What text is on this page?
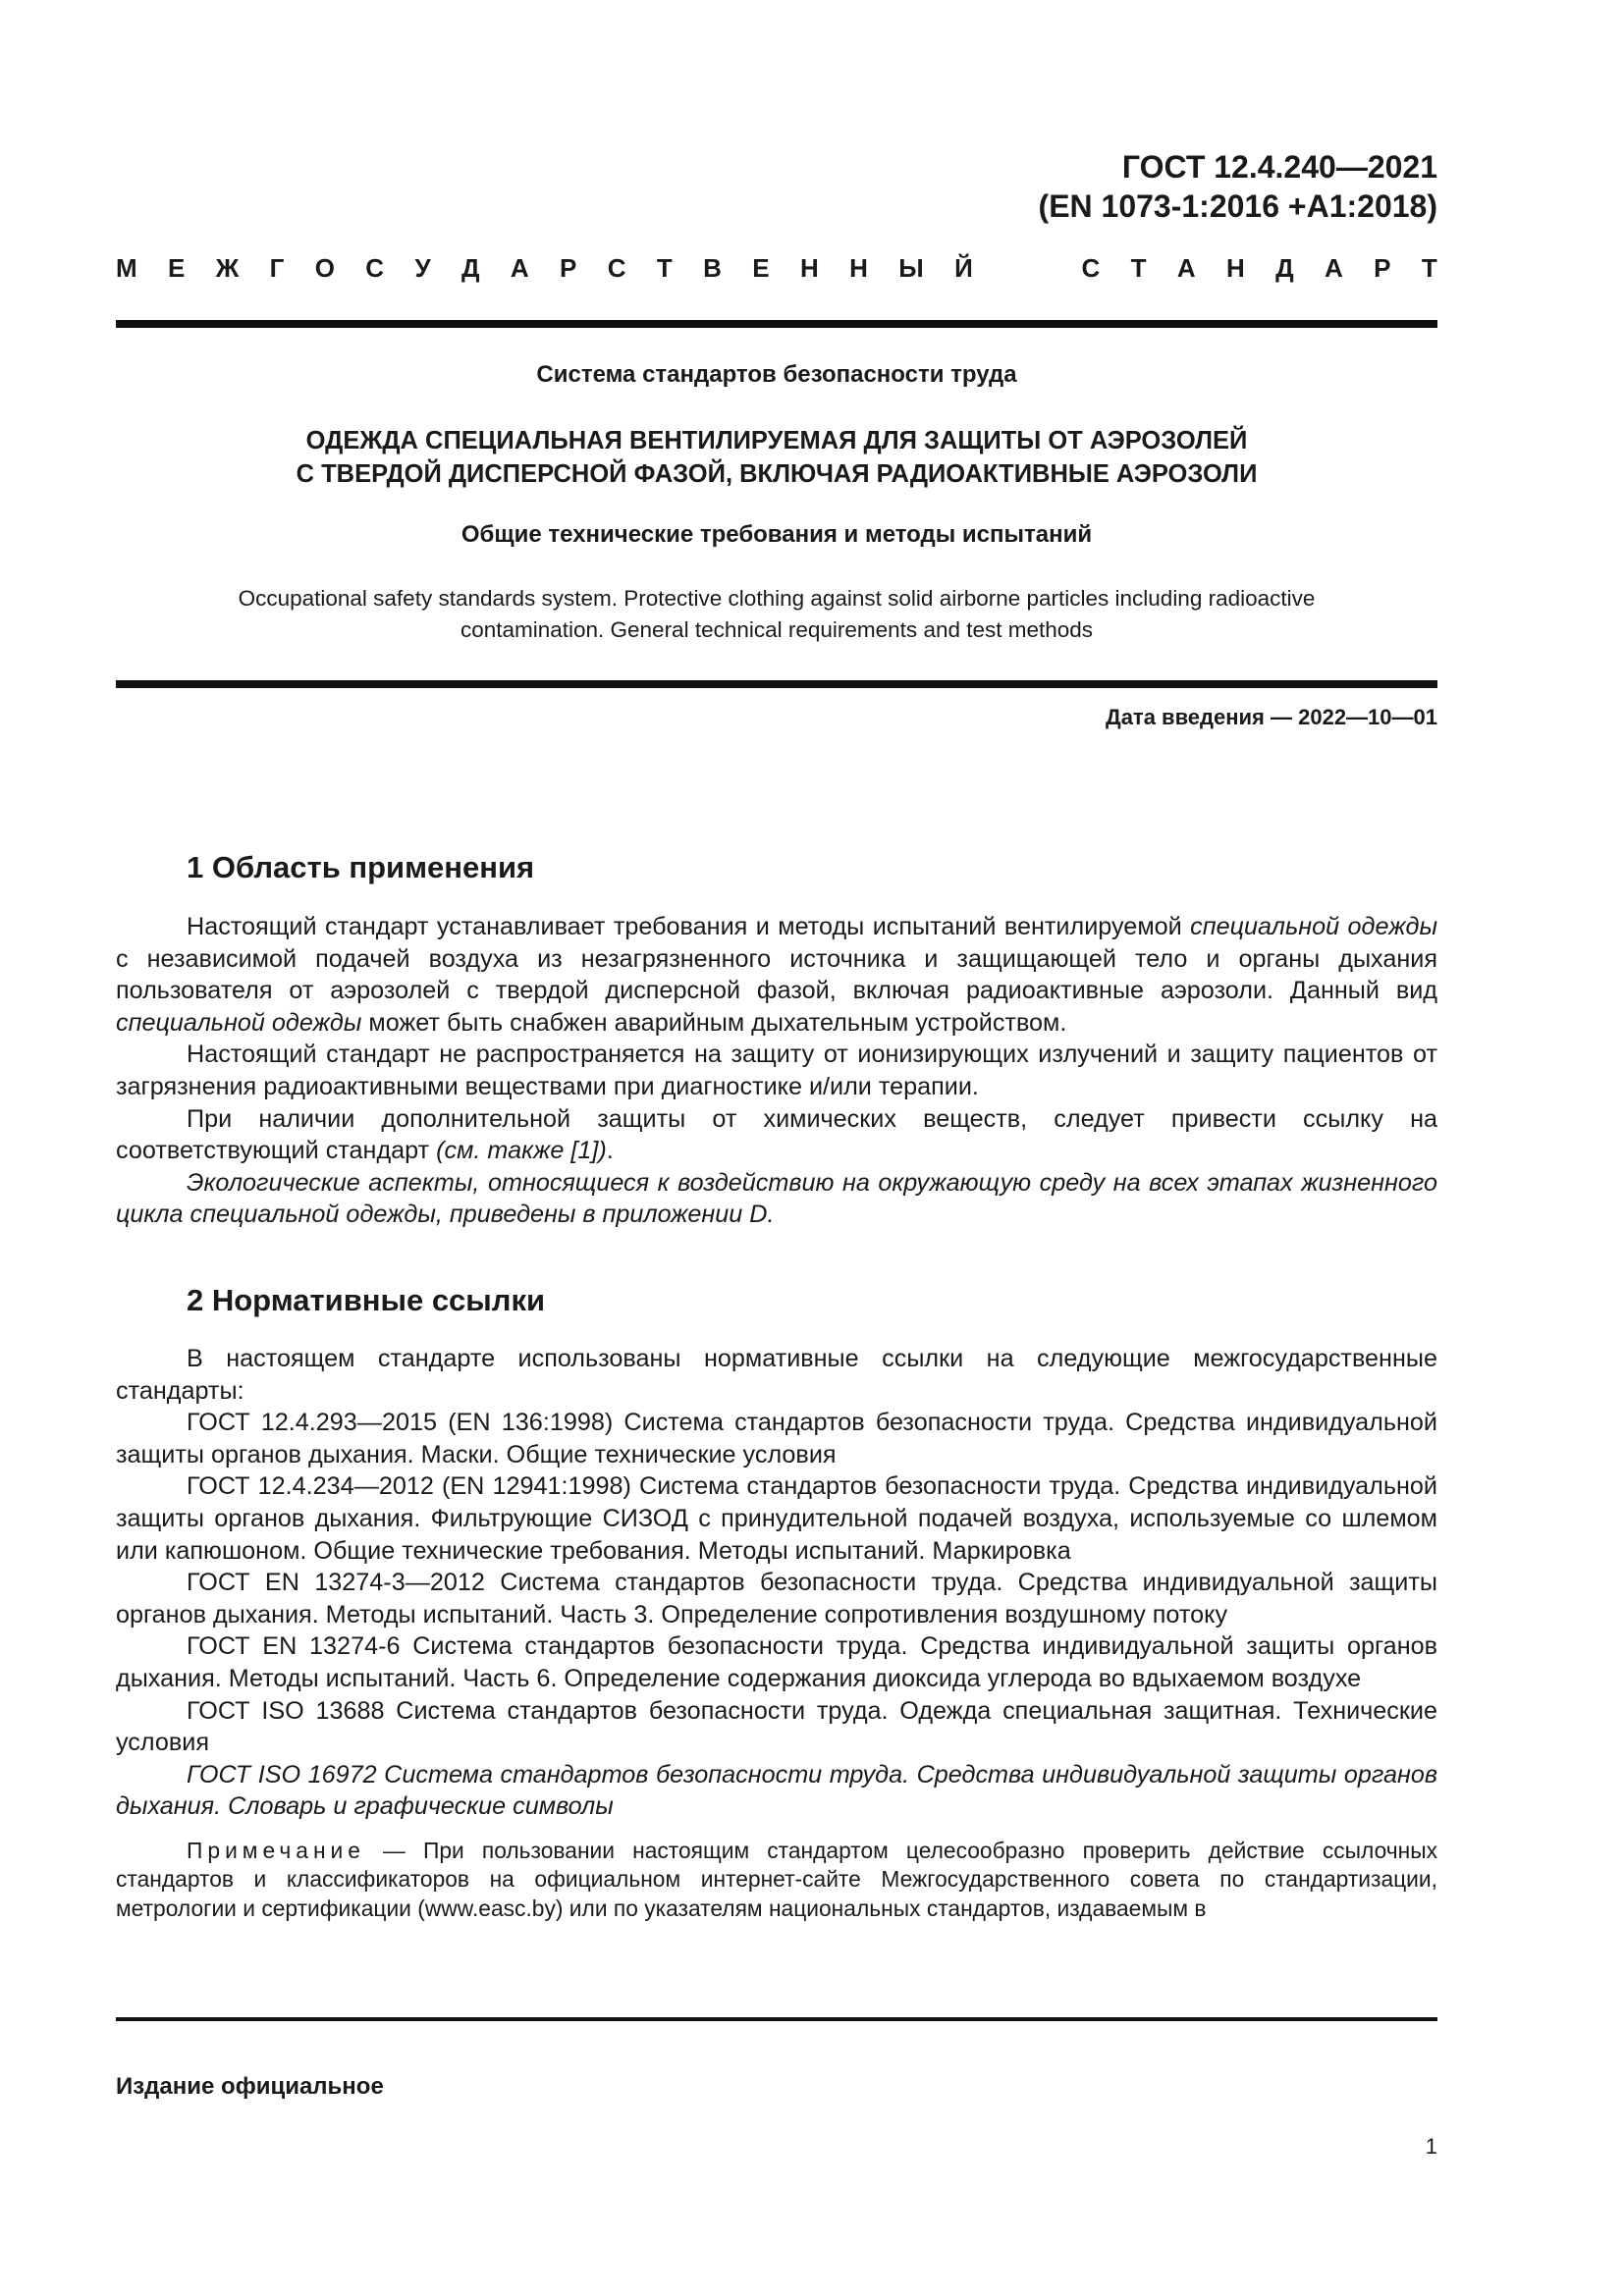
ГОСТ 12.4.240—2021
(EN 1073-1:2016 +A1:2018)
М Е Ж Г О С У Д А Р С Т В Е Н Н Ы Й	С Т А Н Д А Р Т
Система стандартов безопасности труда
ОДЕЖДА СПЕЦИАЛЬНАЯ ВЕНТИЛИРУЕМАЯ ДЛЯ ЗАЩИТЫ ОТ АЭРОЗОЛЕЙ
С ТВЕРДОЙ ДИСПЕРСНОЙ ФАЗОЙ, ВКЛЮЧАЯ РАДИОАКТИВНЫЕ АЭРОЗОЛИ
Общие технические требования и методы испытаний
Occupational safety standards system. Protective clothing against solid airborne particles including radioactive
contamination. General technical requirements and test methods
Дата введения — 2022—10—01
1 Область применения

Настоящий стандарт устанавливает требования и методы испытаний вентилируемой специальной одежды с независимой подачей воздуха из незагрязненного источника и защищающей тело и органы дыхания пользователя от аэрозолей с твердой дисперсной фазой, включая радиоактивные аэрозоли. Данный вид специальной одежды может быть снабжен аварийным дыхательным устройством.

Настоящий стандарт не распространяется на защиту от ионизирующих излучений и защиту пациентов от загрязнения радиоактивными веществами при диагностике и/или терапии.

При наличии дополнительной защиты от химических веществ, следует привести ссылку на соответствующий стандарт (см. также [1]).

Экологические аспекты, относящиеся к воздействию на окружающую среду на всех этапах жизненного цикла специальной одежды, приведены в приложении D.

2 Нормативные ссылки

В настоящем стандарте использованы нормативные ссылки на следующие межгосударственные стандарты:

ГОСТ 12.4.293—2015 (EN 136:1998) Система стандартов безопасности труда. Средства индивидуальной защиты органов дыхания. Маски. Общие технические условия

ГОСТ 12.4.234—2012 (EN 12941:1998) Система стандартов безопасности труда. Средства индивидуальной защиты органов дыхания. Фильтрующие СИЗОД с принудительной подачей воздуха, используемые со шлемом или капюшоном. Общие технические требования. Методы испытаний. Маркировка

ГОСТ EN 13274-3—2012 Система стандартов безопасности труда. Средства индивидуальной защиты органов дыхания. Методы испытаний. Часть 3. Определение сопротивления воздушному потоку

ГОСТ EN 13274-6 Система стандартов безопасности труда. Средства индивидуальной защиты органов дыхания. Методы испытаний. Часть 6. Определение содержания диоксида углерода во вдыхаемом воздухе

ГОСТ ISO 13688 Система стандартов безопасности труда. Одежда специальная защитная. Технические условия

ГОСТ ISO 16972 Система стандартов безопасности труда. Средства индивидуальной защиты органов дыхания. Словарь и графические символы

Примечание — При пользовании настоящим стандартом целесообразно проверить действие ссылочных стандартов и классификаторов на официальном интернет-сайте Межгосударственного совета по стандартизации, метрологии и сертификации (www.easc.by) или по указателям национальных стандартов, издаваемым в

Издание официальное
1
